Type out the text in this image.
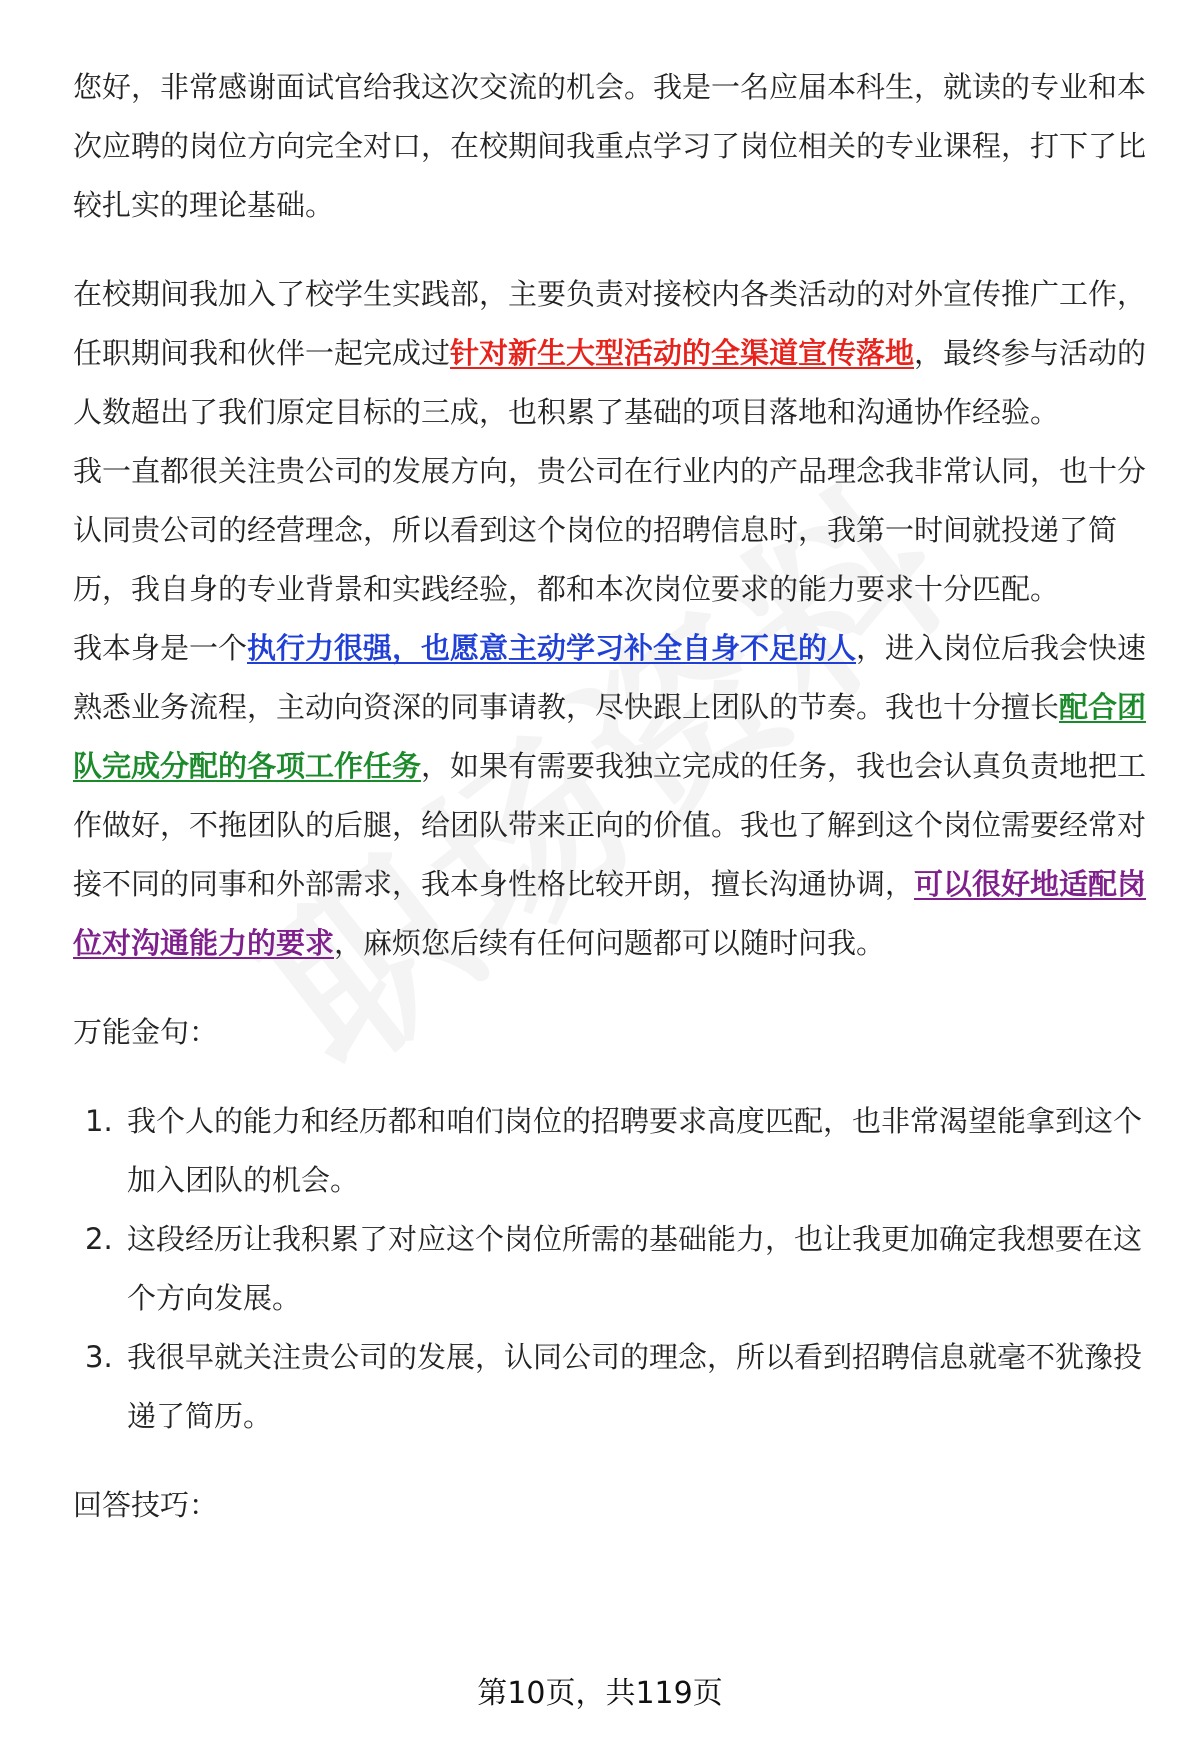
您好，非常感谢面试官给我这次交流的机会。我是一名应届本科生，就读的专业和本次应聘的岗位方向完全对口，在校期间我重点学习了岗位相关的专业课程，打下了比较扎实的理论基础。

在校期间我加入了校学生实践部，主要负责对接校内各类活动的对外宣传推广工作，任职期间我和伙伴一起完成过针对新生大型活动的全渠道宣传落地，最终参与活动的人数超出了我们原定目标的三成，也积累了基础的项目落地和沟通协作经验。

我一直都很关注贵公司的发展方向，贵公司在行业内的产品理念我非常认同，也十分认同贵公司的经营理念，所以看到这个岗位的招聘信息时，我第一时间就投递了简历，我自身的专业背景和实践经验，都和本次岗位要求的能力要求十分匹配。

我本身是一个执行力很强，也愿意主动学习补全自身不足的人，进入岗位后我会快速熟悉业务流程，主动向资深的同事请教，尽快跟上团队的节奏。我也十分擅长配合团队完成分配的各项工作任务，如果有需要我独立完成的任务，我也会认真负责地把工作做好，不拖团队的后腿，给团队带来正向的价值。我也了解到这个岗位需要经常对接不同的同事和外部需求，我本身性格比较开朗，擅长沟通协调，可以很好地适配岗位对沟通能力的要求，麻烦您后续有任何问题都可以随时问我。

万能金句：

1. 我个人的能力和经历都和咱们岗位的招聘要求高度匹配，也非常渴望能拿到这个加入团队的机会。
2. 这段经历让我积累了对应这个岗位所需的基础能力，也让我更加确定我想要在这个方向发展。
3. 我很早就关注贵公司的发展，认同公司的理念，所以看到招聘信息就毫不犹豫投递了简历。

回答技巧：

第10页，共119页
